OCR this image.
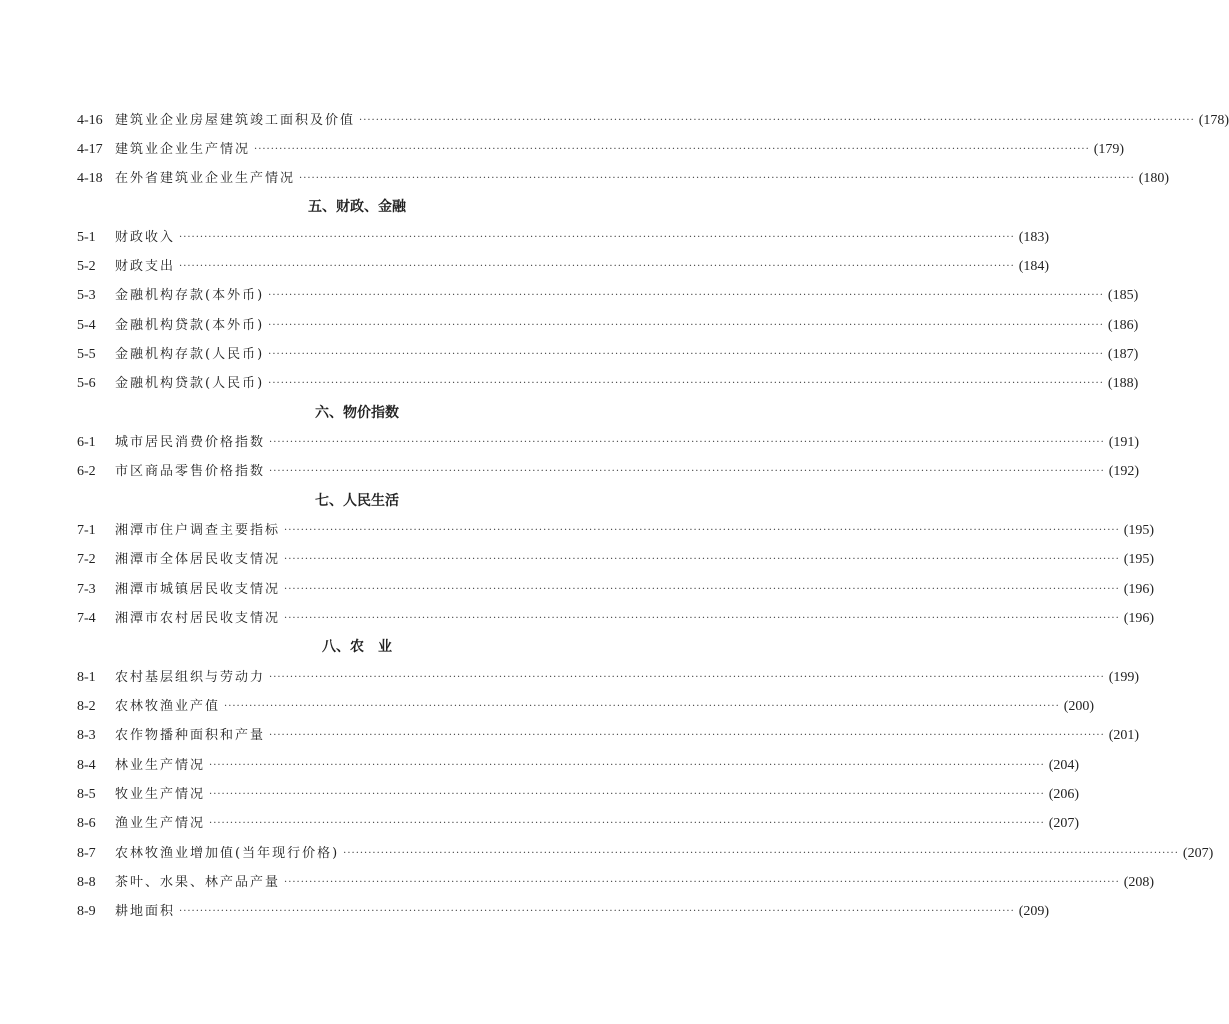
4-16 建筑业企业房屋建筑竣工面积及价值 ········································································································································································································ (178)
4-17 建筑业企业生产情况 ········································································································································································································ (179)
4-18 在外省建筑业企业生产情况 ········································································································································································································ (180)
五、财政、金融
5-1	财政收入 ········································································································································································································ (183)
5-2	财政支出 ········································································································································································································ (184)
5-3	金融机构存款(本外币) ········································································································································································································ (185)
5-4	金融机构贷款(本外币) ········································································································································································································ (186)
5-5	金融机构存款(人民币) ········································································································································································································ (187)
5-6	金融机构贷款(人民币) ········································································································································································································ (188)
六、物价指数
6-1	城市居民消费价格指数 ········································································································································································································ (191)
6-2	市区商品零售价格指数 ········································································································································································································ (192)
七、人民生活
7-1	湘潭市住户调查主要指标 ········································································································································································································ (195)
7-2	湘潭市全体居民收支情况 ········································································································································································································ (195)
7-3	湘潭市城镇居民收支情况 ········································································································································································································ (196)
7-4	湘潭市农村居民收支情况 ········································································································································································································ (196)
八、农　业
8-1	农村基层组织与劳动力 ········································································································································································································ (199)
8-2	农林牧渔业产值 ········································································································································································································ (200)
8-3	农作物播种面积和产量 ········································································································································································································ (201)
8-4	林业生产情况 ········································································································································································································ (204)
8-5	牧业生产情况 ········································································································································································································ (206)
8-6	渔业生产情况 ········································································································································································································ (207)
8-7	农林牧渔业增加值(当年现行价格) ········································································································································································································ (207)
8-8	茶叶、水果、林产品产量 ········································································································································································································ (208)
8-9	耕地面积 ········································································································································································································ (209)
